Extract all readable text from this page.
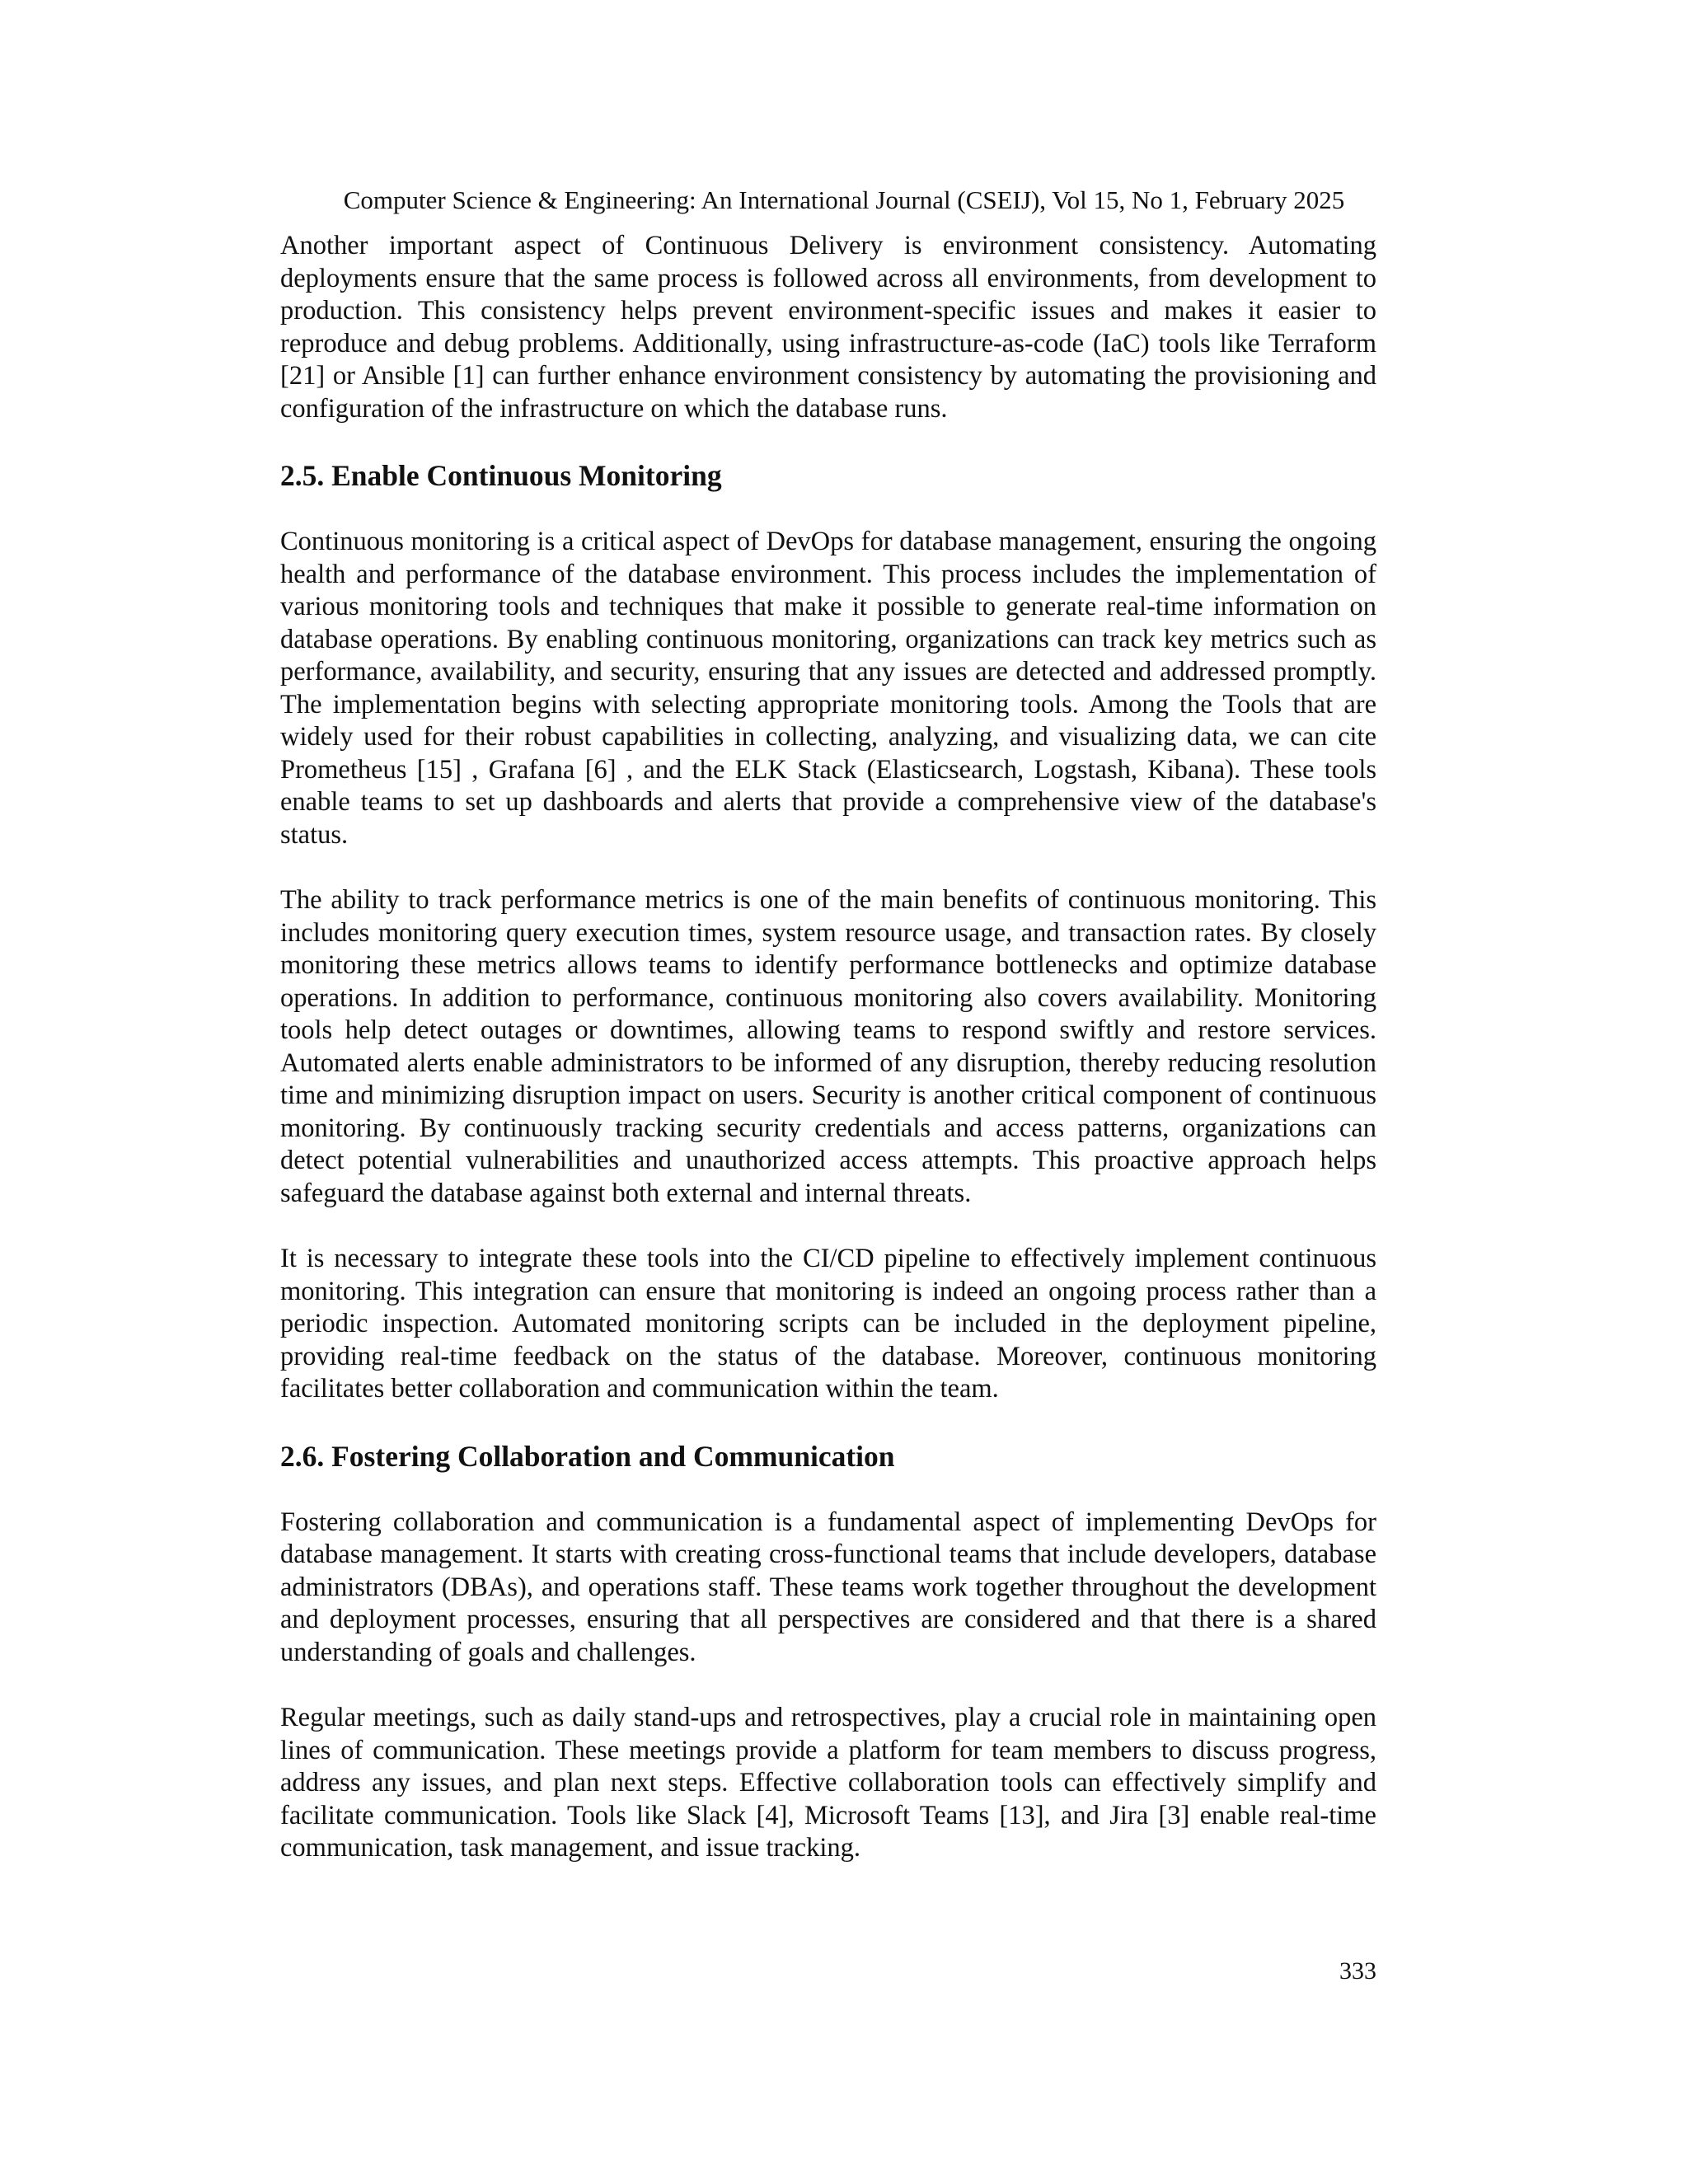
Computer Science & Engineering: An International Journal (CSEIJ), Vol 15, No 1, February 2025

Another important aspect of Continuous Delivery is environment consistency. Automating deployments ensure that the same process is followed across all environments, from development to production. This consistency helps prevent environment-specific issues and makes it easier to reproduce and debug problems. Additionally, using infrastructure-as-code (IaC) tools like Terraform [21] or Ansible [1] can further enhance environment consistency by automating the provisioning and configuration of the infrastructure on which the database runs.

2.5. Enable Continuous Monitoring

Continuous monitoring is a critical aspect of DevOps for database management, ensuring the ongoing health and performance of the database environment. This process includes the implementation of various monitoring tools and techniques that make it possible to generate real-time information on database operations. By enabling continuous monitoring, organizations can track key metrics such as performance, availability, and security, ensuring that any issues are detected and addressed promptly. The implementation begins with selecting appropriate monitoring tools. Among the Tools that are widely used for their robust capabilities in collecting, analyzing, and visualizing data, we can cite Prometheus [15] , Grafana [6] , and the ELK Stack (Elasticsearch, Logstash, Kibana). These tools enable teams to set up dashboards and alerts that provide a comprehensive view of the database's status.

The ability to track performance metrics is one of the main benefits of continuous monitoring. This includes monitoring query execution times, system resource usage, and transaction rates. By closely monitoring these metrics allows teams to identify performance bottlenecks and optimize database operations. In addition to performance, continuous monitoring also covers availability. Monitoring tools help detect outages or downtimes, allowing teams to respond swiftly and restore services. Automated alerts enable administrators to be informed of any disruption, thereby reducing resolution time and minimizing disruption impact on users. Security is another critical component of continuous monitoring. By continuously tracking security credentials and access patterns, organizations can detect potential vulnerabilities and unauthorized access attempts. This proactive approach helps safeguard the database against both external and internal threats.

It is necessary to integrate these tools into the CI/CD pipeline to effectively implement continuous monitoring. This integration can ensure that monitoring is indeed an ongoing process rather than a periodic inspection. Automated monitoring scripts can be included in the deployment pipeline, providing real-time feedback on the status of the database. Moreover, continuous monitoring facilitates better collaboration and communication within the team.

2.6. Fostering Collaboration and Communication

Fostering collaboration and communication is a fundamental aspect of implementing DevOps for database management. It starts with creating cross-functional teams that include developers, database administrators (DBAs), and operations staff. These teams work together throughout the development and deployment processes, ensuring that all perspectives are considered and that there is a shared understanding of goals and challenges.

Regular meetings, such as daily stand-ups and retrospectives, play a crucial role in maintaining open lines of communication. These meetings provide a platform for team members to discuss progress, address any issues, and plan next steps. Effective collaboration tools can effectively simplify and facilitate communication. Tools like Slack [4], Microsoft Teams [13], and Jira [3] enable real-time communication, task management, and issue tracking.

333
